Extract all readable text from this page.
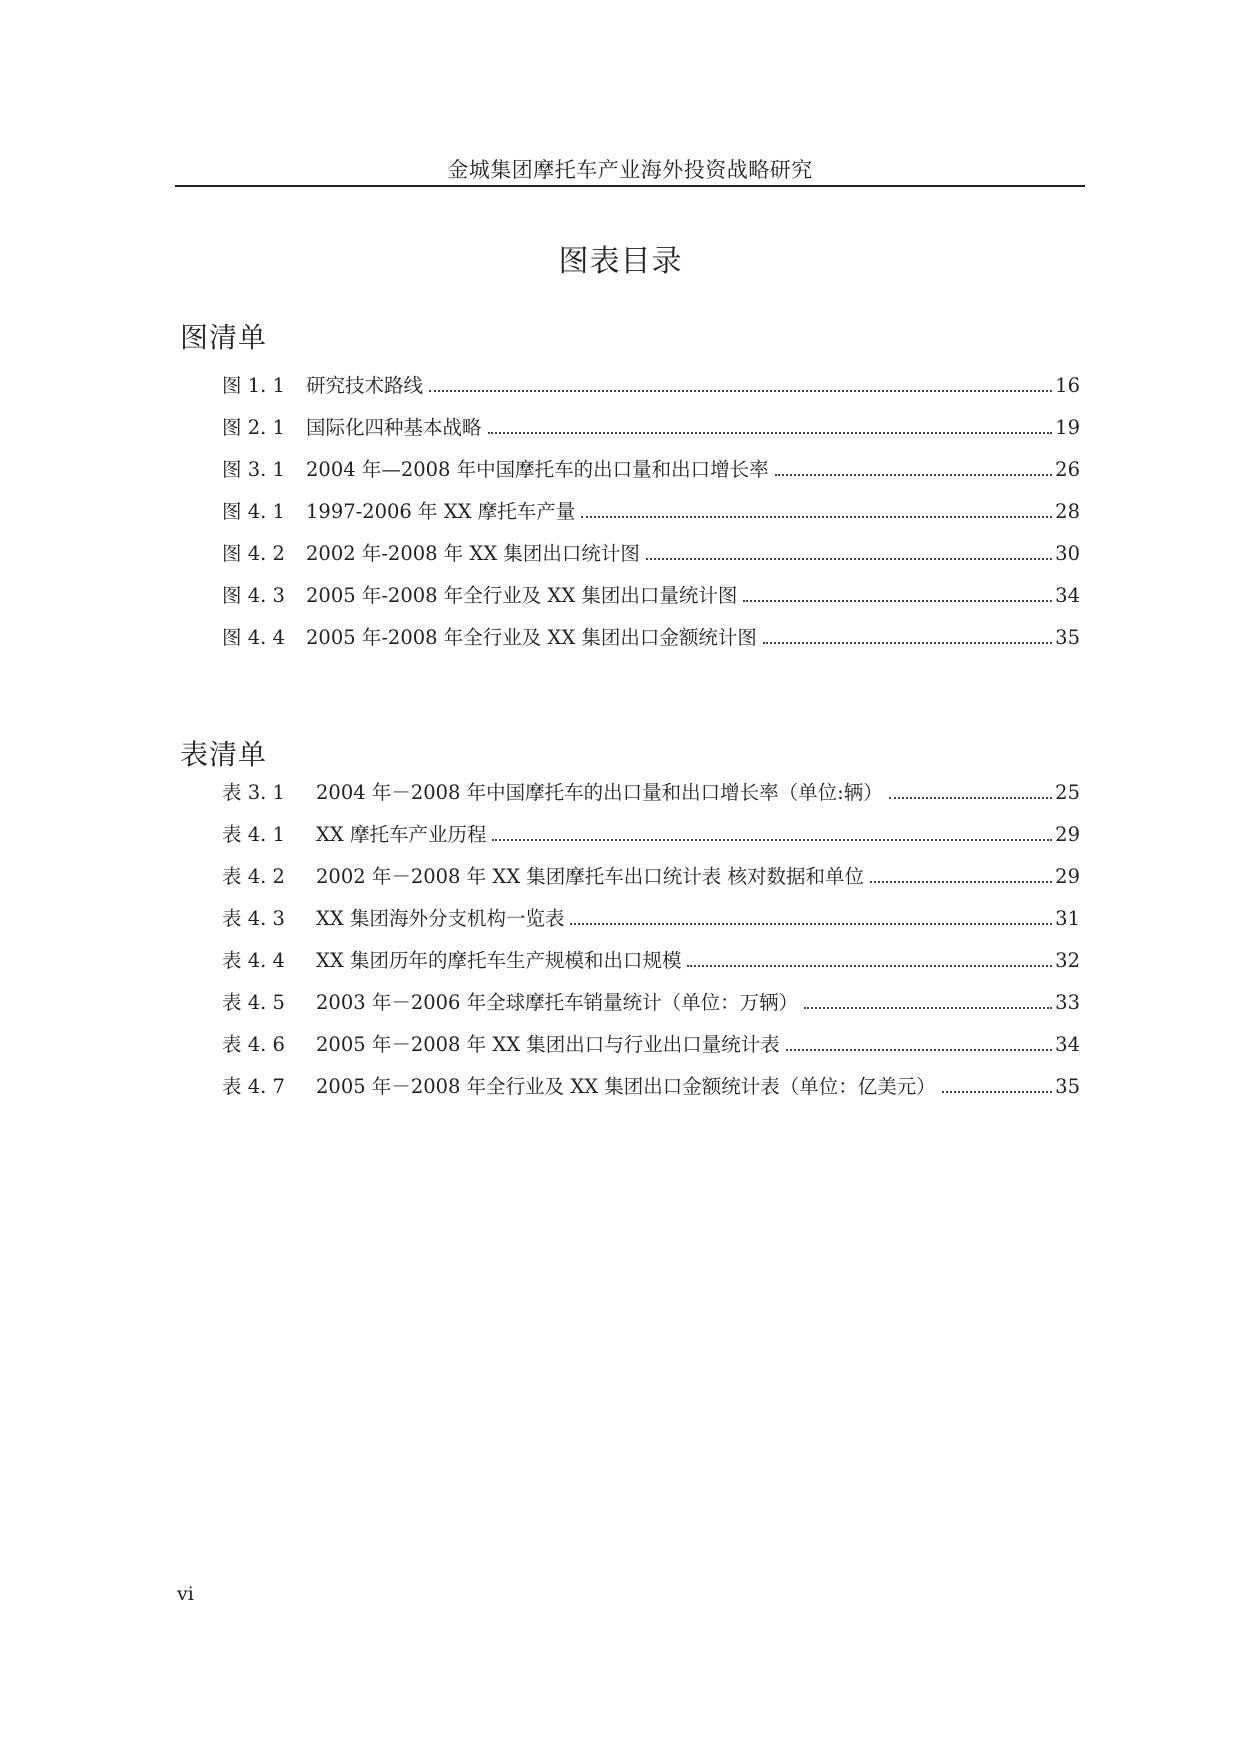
金城集团摩托车产业海外投资战略研究
图表目录
图清单
图 1. 1	研究技术路线	16
图 2. 1	国际化四种基本战略	19
图 3. 1	2004 年—2008 年中国摩托车的出口量和出口增长率	26
图 4. 1	1997-2006 年 XX 摩托车产量	28
图 4. 2	2002 年-2008 年 XX 集团出口统计图	30
图 4. 3	2005 年-2008 年全行业及 XX 集团出口量统计图	34
图 4. 4	2005 年-2008 年全行业及 XX 集团出口金额统计图	35
表清单
表 3. 1	2004 年－2008 年中国摩托车的出口量和出口增长率（单位:辆）	25
表 4. 1	XX 摩托车产业历程	29
表 4. 2	2002 年－2008 年 XX 集团摩托车出口统计表 核对数据和单位	29
表 4. 3	XX 集团海外分支机构一览表	31
表 4. 4	XX 集团历年的摩托车生产规模和出口规模	32
表 4. 5	2003 年－2006 年全球摩托车销量统计（单位：万辆）	33
表 4. 6	2005 年－2008 年 XX 集团出口与行业出口量统计表	34
表 4. 7	2005 年－2008 年全行业及 XX 集团出口金额统计表（单位：亿美元）	35
vi
